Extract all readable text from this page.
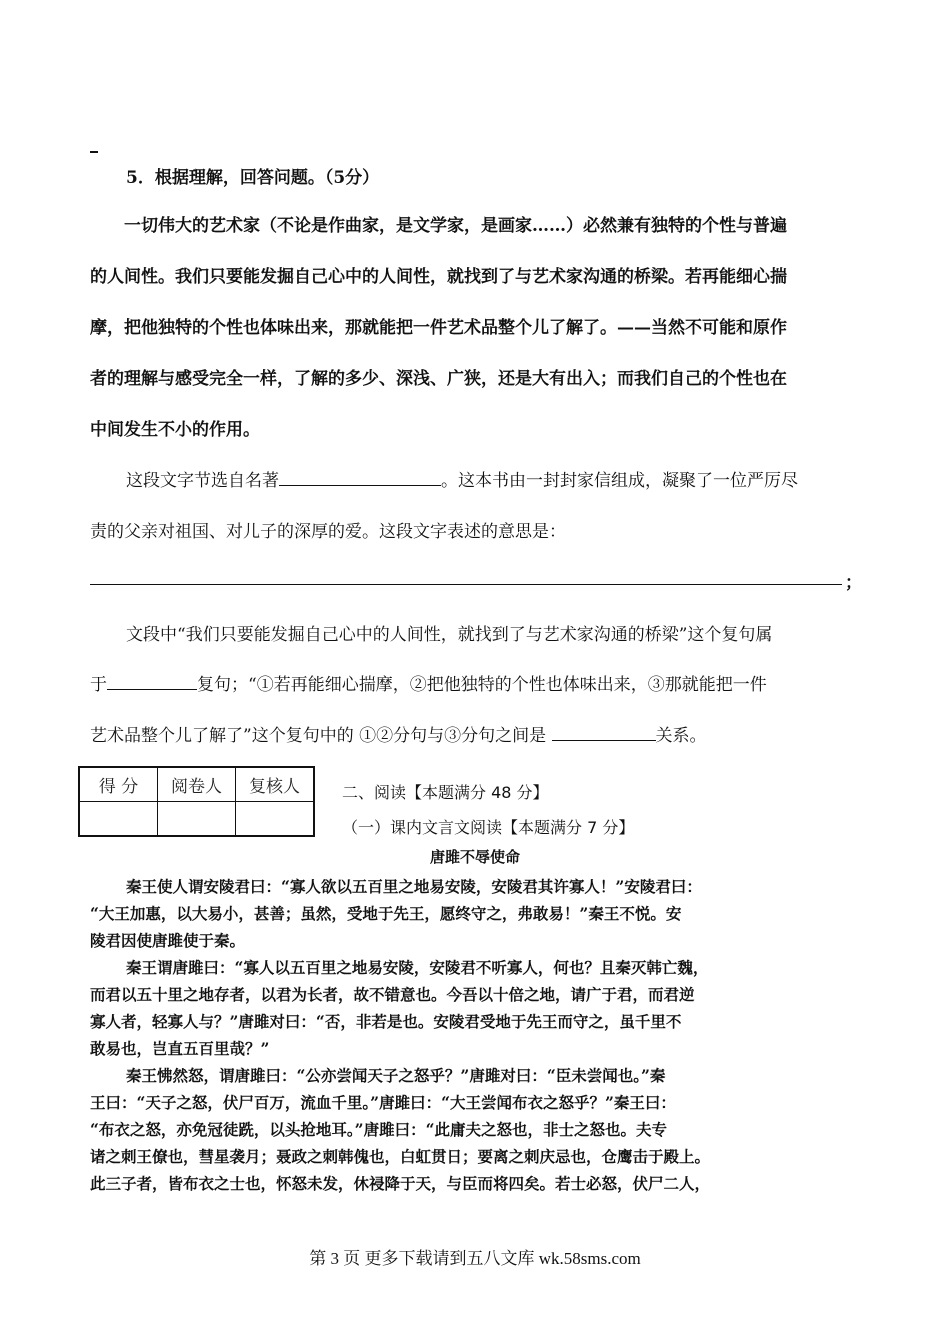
5．根据理解，回答问题。（5分）
一切伟大的艺术家（不论是作曲家，是文学家，是画家……）必然兼有独特的个性与普遍
的人间性。我们只要能发掘自己心中的人间性，就找到了与艺术家沟通的桥梁。若再能细心揣
摩，把他独特的个性也体味出来，那就能把一件艺术品整个儿了解了。——当然不可能和原作
者的理解与感受完全一样，了解的多少、深浅、广狭，还是大有出入；而我们自己的个性也在
中间发生不小的作用。
这段文字节选自名著	。这本书由一封封家信组成，凝聚了一位严厉尽
责的父亲对祖国、对儿子的深厚的爱。这段文字表述的意思是：
；
文段中“我们只要能发掘自己心中的人间性，就找到了与艺术家沟通的桥梁”这个复句属
于	复句；“①若再能细心揣摩，②把他独特的个性也体味出来，③那就能把一件
艺术品整个儿了解了”这个复句中的 ①②分句与③分句之间是	关系。
得 分	阅卷人	复核人
			二、阅读【本题满分 48 分】
（一）课内文言文阅读【本题满分 7 分】
唐雎不辱使命
秦王使人谓安陵君曰：“寡人欲以五百里之地易安陵，安陵君其许寡人！”安陵君曰：
“大王加惠，以大易小，甚善；虽然，受地于先王，愿终守之，弗敢易！”秦王不悦。安
陵君因使唐雎使于秦。
秦王谓唐雎曰：“寡人以五百里之地易安陵，安陵君不听寡人，何也？且秦灭韩亡魏，
而君以五十里之地存者，以君为长者，故不错意也。今吾以十倍之地，请广于君，而君逆
寡人者，轻寡人与？”唐雎对曰：“否，非若是也。安陵君受地于先王而守之，虽千里不
敢易也，岂直五百里哉？”
秦王怫然怒，谓唐雎曰：“公亦尝闻天子之怒乎？”唐雎对曰：“臣未尝闻也。”秦
王曰：“天子之怒，伏尸百万，流血千里。”唐雎曰：“大王尝闻布衣之怒乎？”秦王曰：
“布衣之怒，亦免冠徒跣，以头抢地耳。”唐雎曰：“此庸夫之怒也，非士之怒也。夫专
诸之刺王僚也，彗星袭月；聂政之刺韩傀也，白虹贯日；要离之刺庆忌也，仓鹰击于殿上。
此三子者，皆布衣之士也，怀怒未发，休祲降于天，与臣而将四矣。若士必怒，伏尸二人，
第 3 页 更多下载请到五八文库 wk.58sms.com
